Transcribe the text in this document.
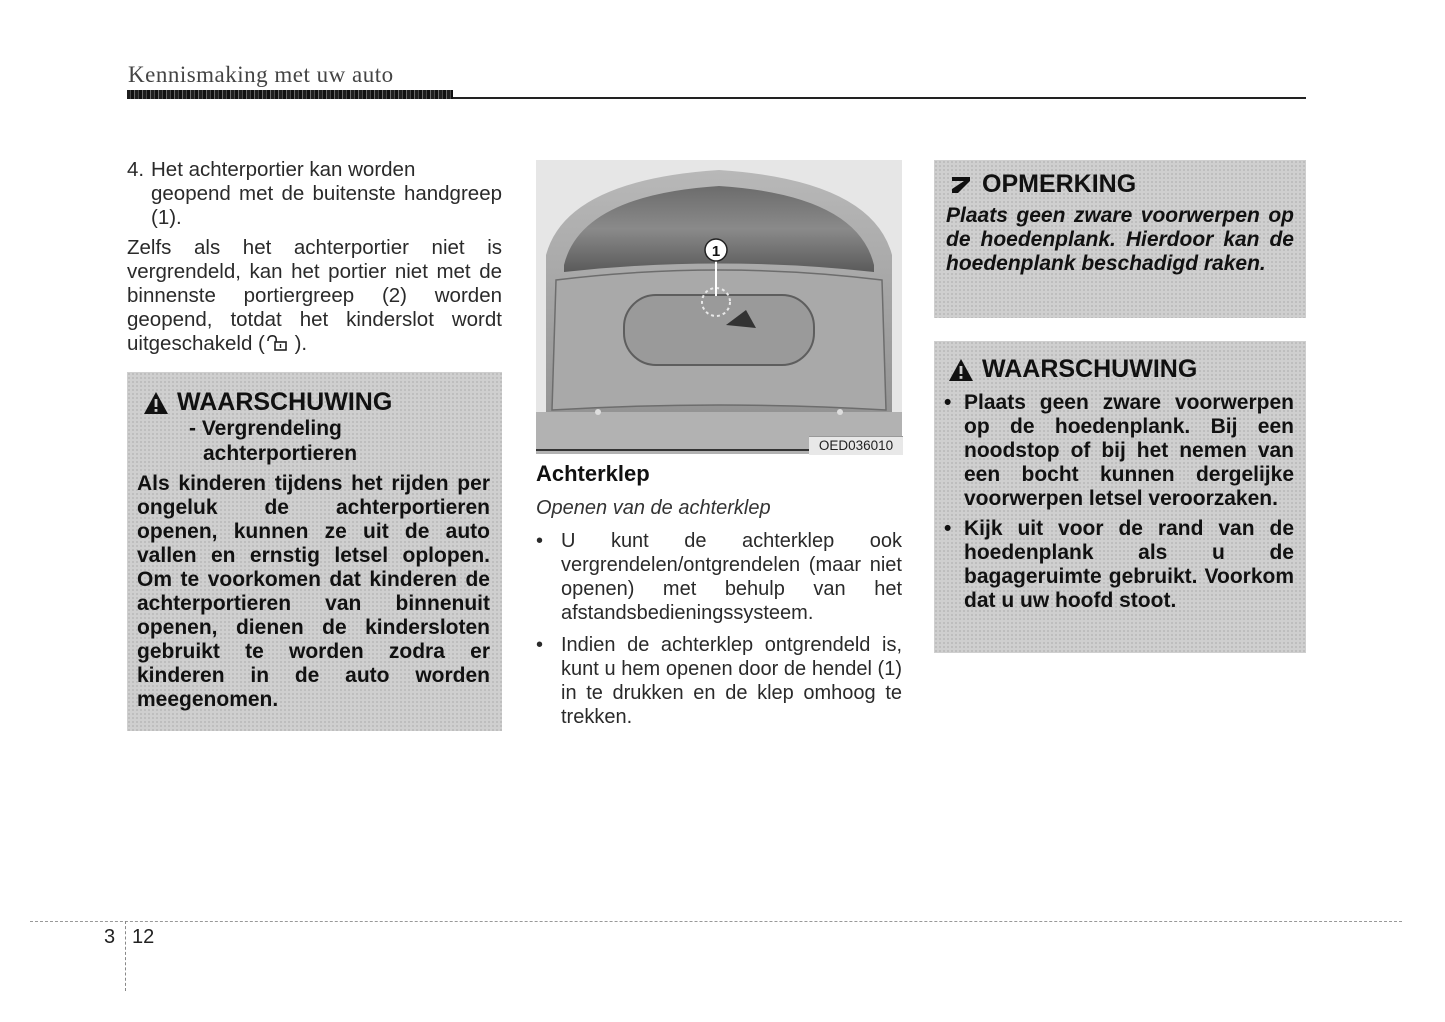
Kennismaking met uw auto
4. Het achterportier kan worden
geopend met de buitenste handgreep (1).

Zelfs als het achterportier niet is vergrendeld, kan het portier niet met de binnenste portiergreep (2) worden geopend, totdat het kinderslot wordt uitgeschakeld ( ).

WAARSCHUWING
- Vergrendeling
achterportieren
Als kinderen tijdens het rijden per ongeluk de achterportieren openen, kunnen ze uit de auto vallen en ernstig letsel oplopen. Om te voorkomen dat kinderen de achterportieren van binnenuit openen, dienen de kindersloten gebruikt te worden zodra er kinderen in de auto worden meegenomen.
1
OED036010
Achterklep
Openen van de achterklep
• U kunt de achterklep ook vergrendelen/ontgrendelen (maar niet openen) met behulp van het afstandsbedieningssysteem.
• Indien de achterklep ontgrendeld is, kunt u hem openen door de hendel (1) in te drukken en de klep omhoog te trekken.
OPMERKING
Plaats geen zware voorwerpen op de hoedenplank. Hierdoor kan de hoedenplank beschadigd raken.
WAARSCHUWING
• Plaats geen zware voorwerpen op de hoedenplank. Bij een noodstop of bij het nemen van een bocht kunnen dergelijke voorwerpen letsel veroorzaken.
• Kijk uit voor de rand van de hoedenplank als u de bagageruimte gebruikt. Voorkom dat u uw hoofd stoot.
3 12
